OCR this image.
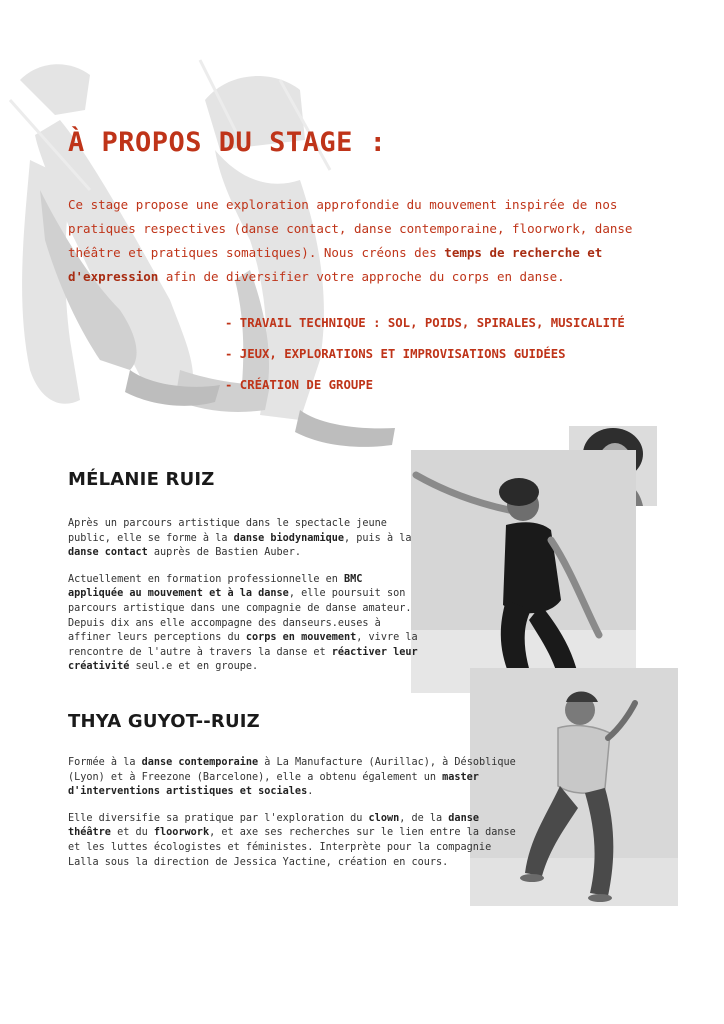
À PROPOS DU STAGE :

Ce stage propose une exploration approfondie du mouvement inspirée de nos pratiques respectives (danse contact, danse contemporaine, floorwork, danse théâtre et pratiques somatiques). Nous créons des temps de recherche et d'expression afin de diversifier votre approche du corps en danse.

- TRAVAIL TECHNIQUE : SOL, POIDS, SPIRALES, MUSICALITÉ
- JEUX, EXPLORATIONS ET IMPROVISATIONS GUIDÉES
- CRÉATION DE GROUPE
MÉLANIE RUIZ

Après un parcours artistique dans le spectacle jeune public, elle se forme à la danse biodynamique, puis à la danse contact auprès de Bastien Auber.

Actuellement en formation professionnelle en BMC appliquée au mouvement et à la danse, elle poursuit son parcours artistique dans une compagnie de danse amateur. Depuis dix ans elle accompagne des danseurs.euses à affiner leurs perceptions du corps en mouvement, vivre la rencontre de l'autre à travers la danse et réactiver leur créativité seul.e et en groupe.

THYA GUYOT--RUIZ

Formée à la danse contemporaine à La Manufacture (Aurillac), à Désoblique (Lyon) et à Freezone (Barcelone), elle a obtenu également un master d'interventions artistiques et sociales.

Elle diversifie sa pratique par l'exploration du clown, de la danse théâtre et du floorwork, et axe ses recherches sur le lien entre la danse et les luttes écologistes et féministes. Interprète pour la compagnie Lalla sous la direction de Jessica Yactine, création en cours.
